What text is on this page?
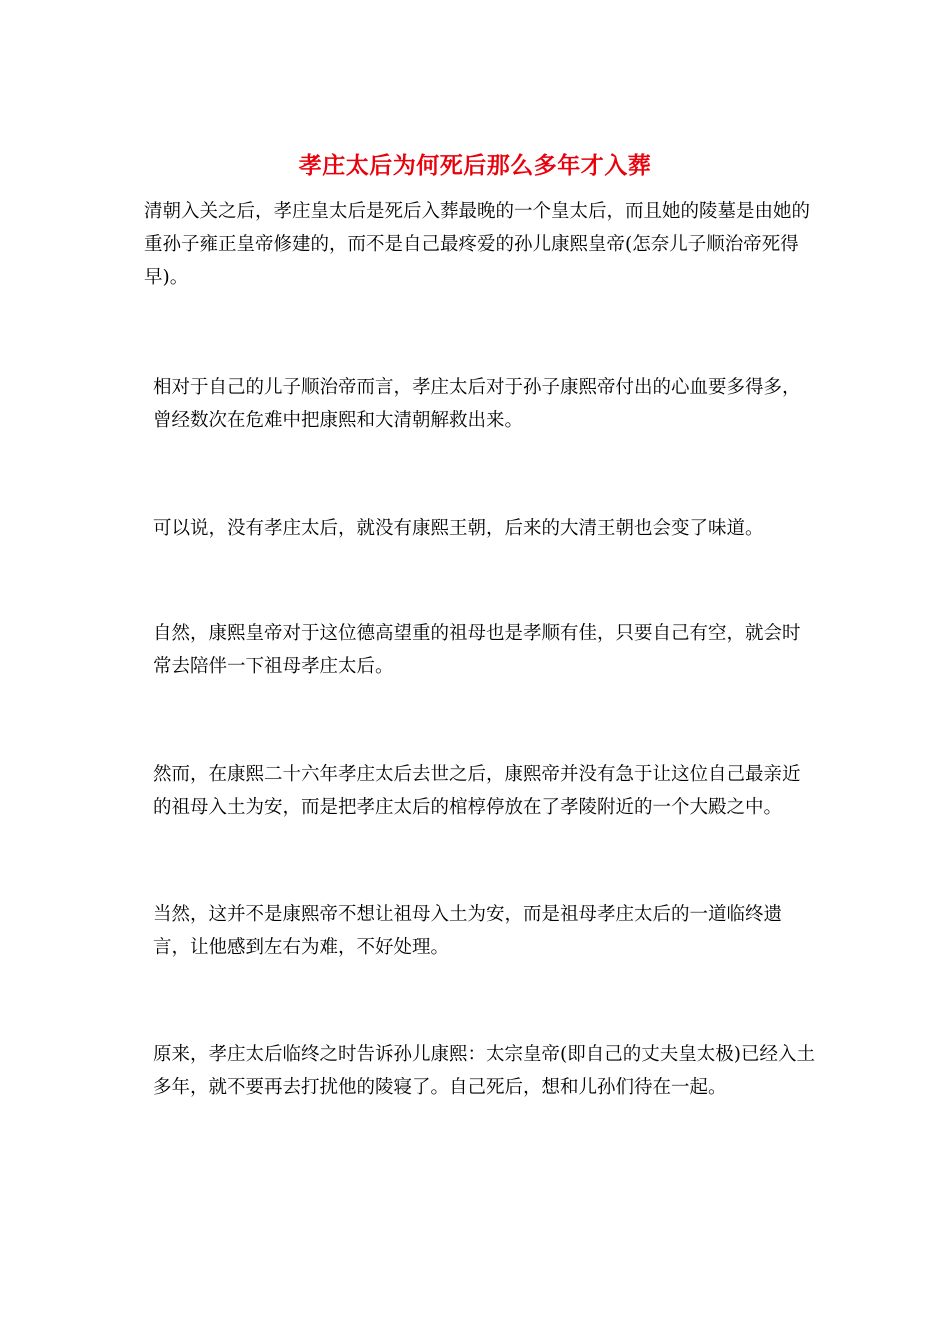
孝庄太后为何死后那么多年才入葬

清朝入关之后，孝庄皇太后是死后入葬最晚的一个皇太后，而且她的陵墓是由她的重孙子雍正皇帝修建的，而不是自己最疼爱的孙儿康熙皇帝(怎奈儿子顺治帝死得早)。

相对于自己的儿子顺治帝而言，孝庄太后对于孙子康熙帝付出的心血要多得多，曾经数次在危难中把康熙和大清朝解救出来。

可以说，没有孝庄太后，就没有康熙王朝，后来的大清王朝也会变了味道。

自然，康熙皇帝对于这位德高望重的祖母也是孝顺有佳，只要自己有空，就会时常去陪伴一下祖母孝庄太后。

然而，在康熙二十六年孝庄太后去世之后，康熙帝并没有急于让这位自己最亲近的祖母入土为安，而是把孝庄太后的棺椁停放在了孝陵附近的一个大殿之中。

当然，这并不是康熙帝不想让祖母入土为安，而是祖母孝庄太后的一道临终遗言，让他感到左右为难，不好处理。

原来，孝庄太后临终之时告诉孙儿康熙：太宗皇帝(即自己的丈夫皇太极)已经入土多年，就不要再去打扰他的陵寝了。自己死后，想和儿孙们待在一起。
